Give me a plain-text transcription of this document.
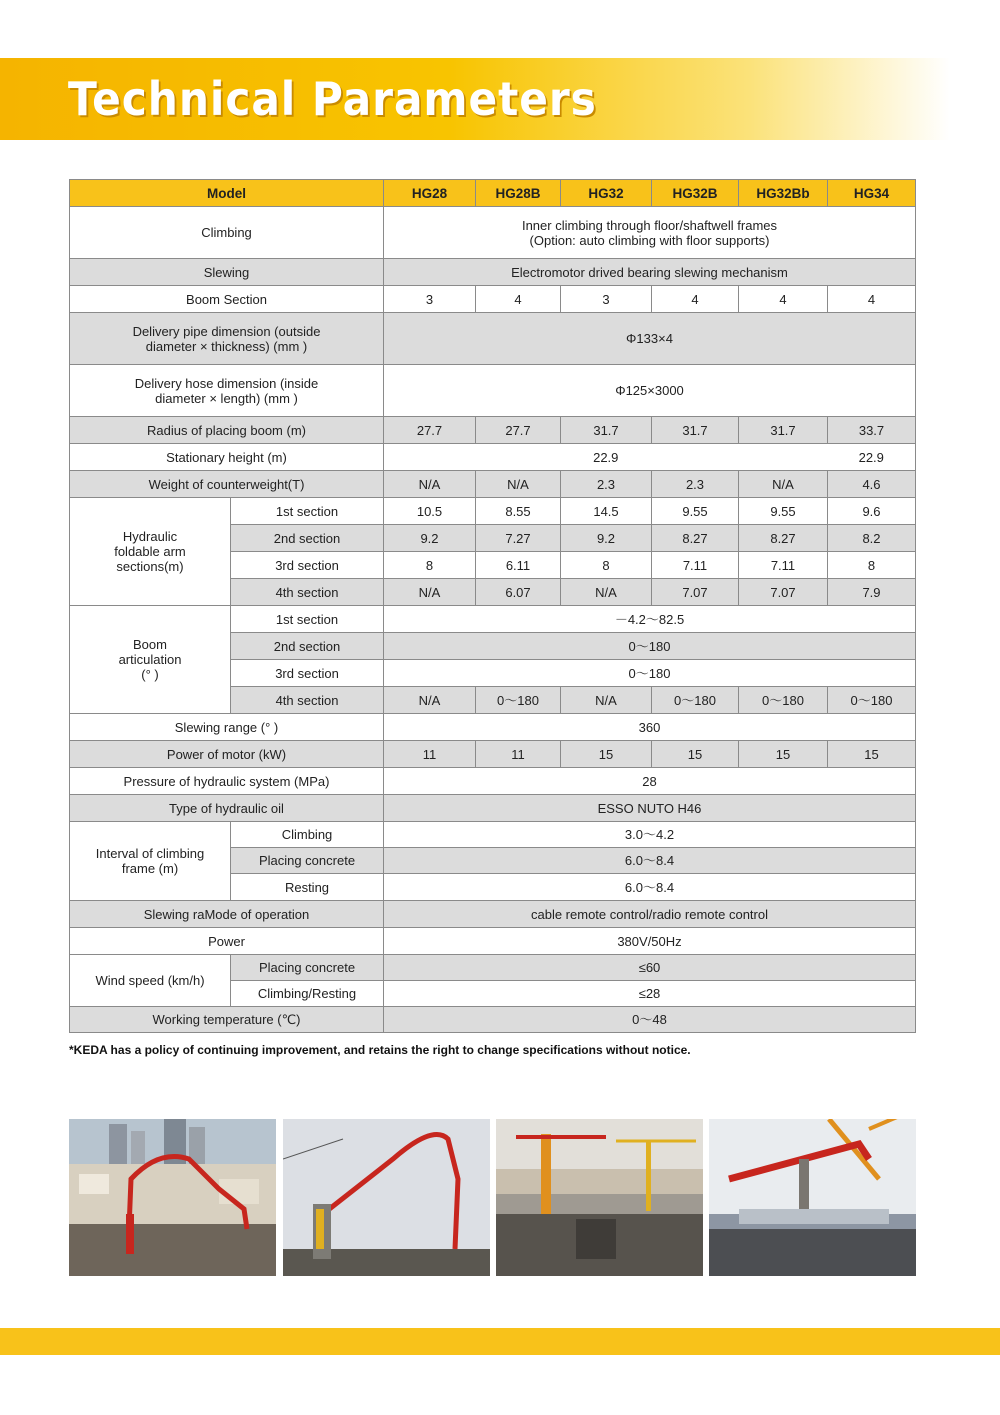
Technical Parameters
Model		HG28	HG28B	HG32	HG32B	HG32Bb	HG34
Climbing		Inner climbing through floor/shaftwell frames
(Option: auto climbing with floor supports)					
Slewing		Electromotor drived bearing slewing mechanism					
Boom Section		3	4	3	4	4	4
Delivery pipe dimension (outside
diameter × thickness) (mm )		Φ133×4					
Delivery hose dimension (inside
diameter × length) (mm )		Φ125×3000					
Radius of placing boom (m)		27.7	27.7	31.7	31.7	31.7	33.7
Stationary height (m)		22.9					22.9
Weight of counterweight(T)		N/A	N/A	2.3	2.3	N/A	4.6
Hydraulic
foldable arm
sections(m)	1st section	10.5	8.55	14.5	9.55	9.55	9.6
	2nd section	9.2	7.27	9.2	8.27	8.27	8.2
	3rd section	8	6.11	8	7.11	7.11	8
	4th section	N/A	6.07	N/A	7.07	7.07	7.9
Boom
articulation
(° )	1st section	－4.2～82.5					
	2nd section	0～180					
	3rd section	0～180					
	4th section	N/A	0～180	N/A	0～180	0～180	0～180
Slewing range (° )		360					
Power of motor (kW)		11	11	15	15	15	15
Pressure of hydraulic system (MPa)		28					
Type of hydraulic oil		ESSO NUTO H46					
Interval of climbing
frame (m)	Climbing	3.0～4.2					
	Placing concrete	6.0～8.4					
	Resting	6.0～8.4					
Slewing raMode of operation		cable remote control/radio remote control					
Power		380V/50Hz					
Wind speed (km/h)	Placing concrete	≤60					
	Climbing/Resting	≤28					
Working temperature (℃)		0～48					
*KEDA has a policy of continuing improvement, and retains the right to change specifications without notice.
